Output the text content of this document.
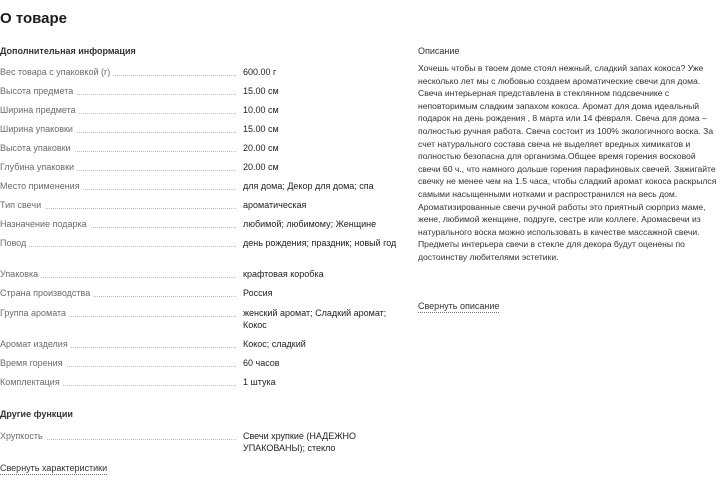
О товаре
Дополнительная информация
Вес товара с упаковкой (г)	600.00 г
Высота предмета	15.00 см
Ширина предмета	10.00 см
Ширина упаковки	15.00 см
Высота упаковки	20.00 см
Глубина упаковки	20.00 см
Место применения	для дома; Декор для дома; спа
Тип свечи	ароматическая
Назначение подарка	любимой; любимому; Женщине
Повод	день рождения; праздник; новый год
Упаковка	крафтовая коробка
Страна производства	Россия
Группа аромата	женский аромат; Сладкий аромат; Кокос
Аромат изделия	Кокос; сладкий
Время горения	60 часов
Комплектация	1 штука
Другие функции
Хрупкость	Свечи хрупкие (НАДЕЖНО УПАКОВАНЫ); стекло
Свернуть характеристики
Описание

Хочешь чтобы в твоем доме стоял нежный, сладкий запах кокоса? Уже несколько лет мы с любовью создаем ароматические свечи для дома. Свеча интерьерная представлена в стеклянном подсвечнике с неповторимым сладким запахом кокоса. Аромат для дома идеальный подарок на день рождения , 8 марта или 14 февраля. Свеча для дома – полностью ручная работа. Свеча состоит из 100% экологичного воска. За счет натурального состава свеча не выделяет вредных химикатов и полностью безопасна для организма.Общее время горения восковой свечи 60 ч., что намного дольше горения парафиновых свечей. Зажигайте свечку не менее чем на 1.5 часа, чтобы сладкий аромат кокоса раскрылся самыми насыщенными нотками и распространился на весь дом. Ароматизированные свечи ручной работы это приятный сюрприз маме, жене, любимой женщине, подруге, сестре или коллеге. Аромасвечи из натурального воска можно использовать в качестве массажной свечи. Предметы интерьера свечи в стекле для декора будут оценены по достоинству любителями эстетики.

Свернуть описание
